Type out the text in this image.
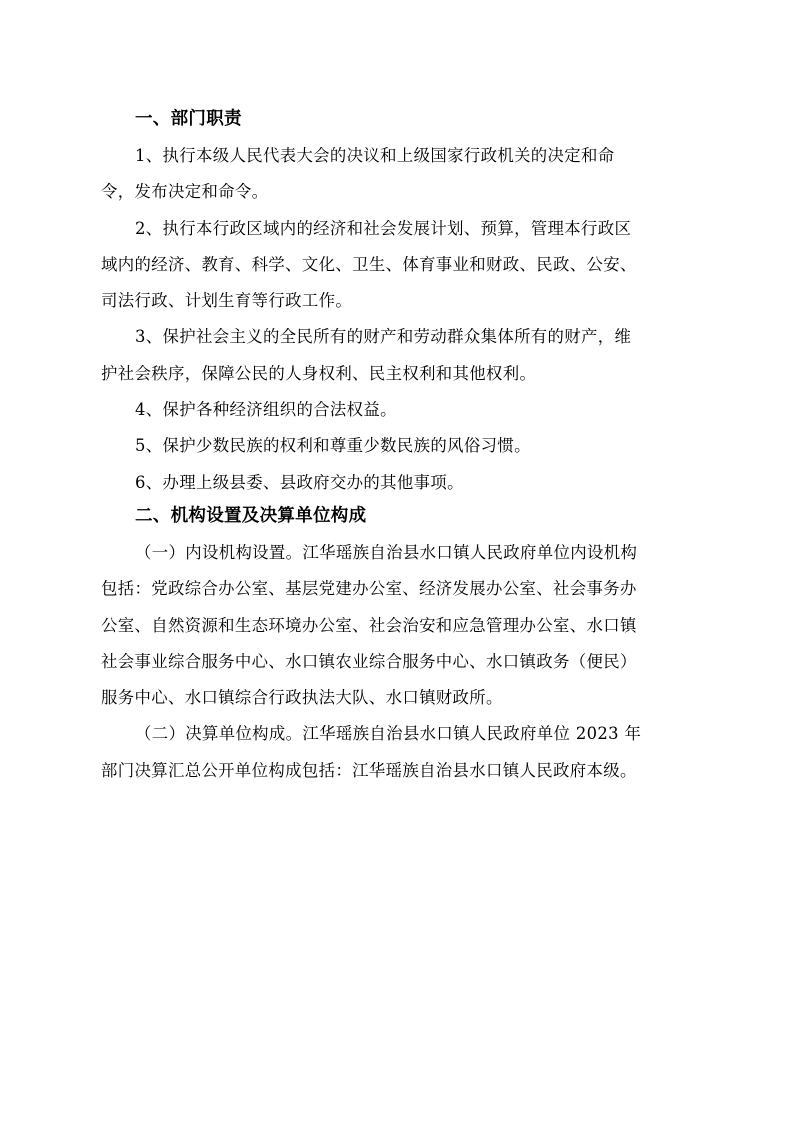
一、部门职责

1、执行本级人民代表大会的决议和上级国家行政机关的决定和命
令，发布决定和命令。

2、执行本行政区域内的经济和社会发展计划、预算，管理本行政区
域内的经济、教育、科学、文化、卫生、体育事业和财政、民政、公安、
司法行政、计划生育等行政工作。

3、保护社会主义的全民所有的财产和劳动群众集体所有的财产，维
护社会秩序，保障公民的人身权利、民主权利和其他权利。

4、保护各种经济组织的合法权益。

5、保护少数民族的权利和尊重少数民族的风俗习惯。

6、办理上级县委、县政府交办的其他事项。

二、机构设置及决算单位构成

（一）内设机构设置。江华瑶族自治县水口镇人民政府单位内设机构
包括：党政综合办公室、基层党建办公室、经济发展办公室、社会事务办
公室、自然资源和生态环境办公室、社会治安和应急管理办公室、水口镇
社会事业综合服务中心、水口镇农业综合服务中心、水口镇政务（便民）
服务中心、水口镇综合行政执法大队、水口镇财政所。

（二）决算单位构成。江华瑶族自治县水口镇人民政府单位 2023 年
部门决算汇总公开单位构成包括：江华瑶族自治县水口镇人民政府本级。
